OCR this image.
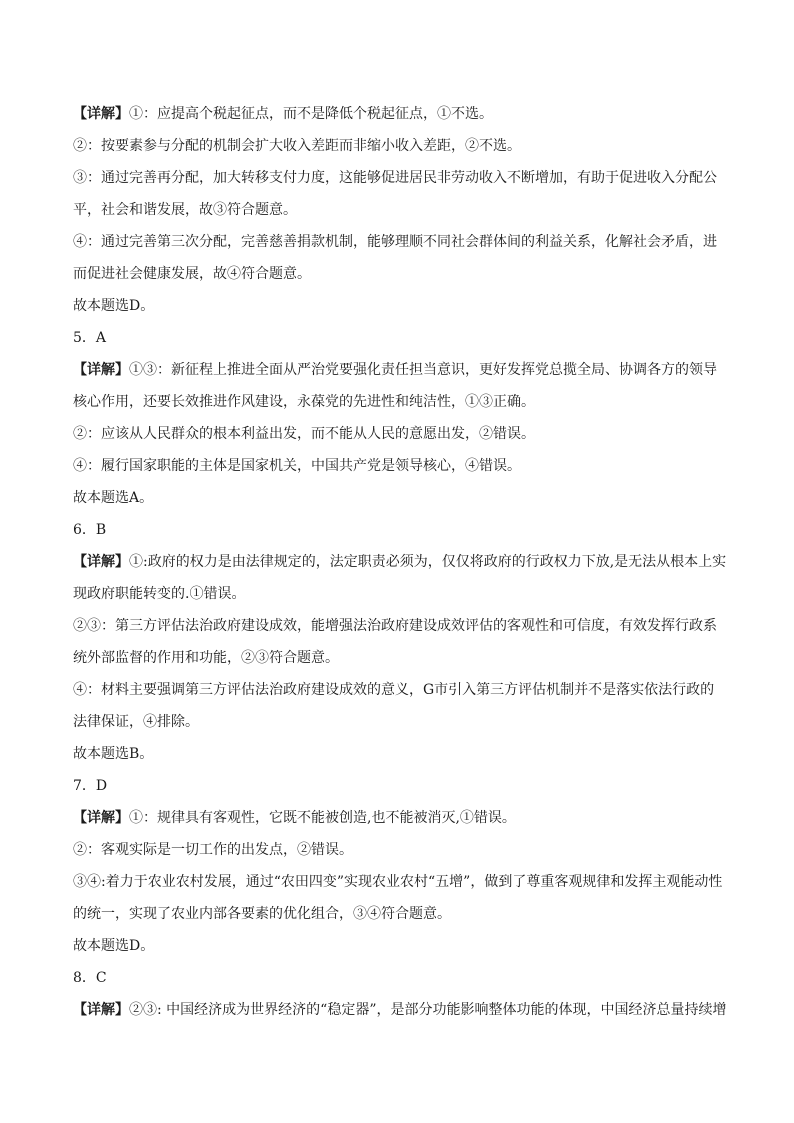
【详解】①：应提高个税起征点，而不是降低个税起征点，①不选。
②：按要素参与分配的机制会扩大收入差距而非缩小收入差距，②不选。
③：通过完善再分配，加大转移支付力度，这能够促进居民非劳动收入不断增加，有助于促进收入分配公
平，社会和谐发展，故③符合题意。
④：通过完善第三次分配，完善慈善捐款机制，能够理顺不同社会群体间的利益关系，化解社会矛盾，进
而促进社会健康发展，故④符合题意。
故本题选D。
5．A
【详解】①③：新征程上推进全面从严治党要强化责任担当意识，更好发挥党总揽全局、协调各方的领导
核心作用，还要长效推进作风建设，永葆党的先进性和纯洁性，①③正确。
②：应该从人民群众的根本利益出发，而不能从人民的意愿出发，②错误。
④：履行国家职能的主体是国家机关，中国共产党是领导核心，④错误。
故本题选A。
6．B
【详解】①:政府的权力是由法律规定的，法定职责必须为，仅仅将政府的行政权力下放,是无法从根本上实
现政府职能转变的.①错误。
②③：第三方评估法治政府建设成效，能增强法治政府建设成效评估的客观性和可信度，有效发挥行政系
统外部监督的作用和功能，②③符合题意。
④：材料主要强调第三方评估法治政府建设成效的意义，G市引入第三方评估机制并不是落实依法行政的
法律保证，④排除。
故本题选B。
7．D
【详解】①：规律具有客观性，它既不能被创造,也不能被消灭,①错误。
②：客观实际是一切工作的出发点，②错误。
③④:着力于农业农村发展，通过“农田四变”实现农业农村“五增”，做到了尊重客观规律和发挥主观能动性
的统一，实现了农业内部各要素的优化组合，③④符合题意。
故本题选D。
8．C
【详解】②③: 中国经济成为世界经济的“稳定器”，是部分功能影响整体功能的体现，中国经济总量持续增
